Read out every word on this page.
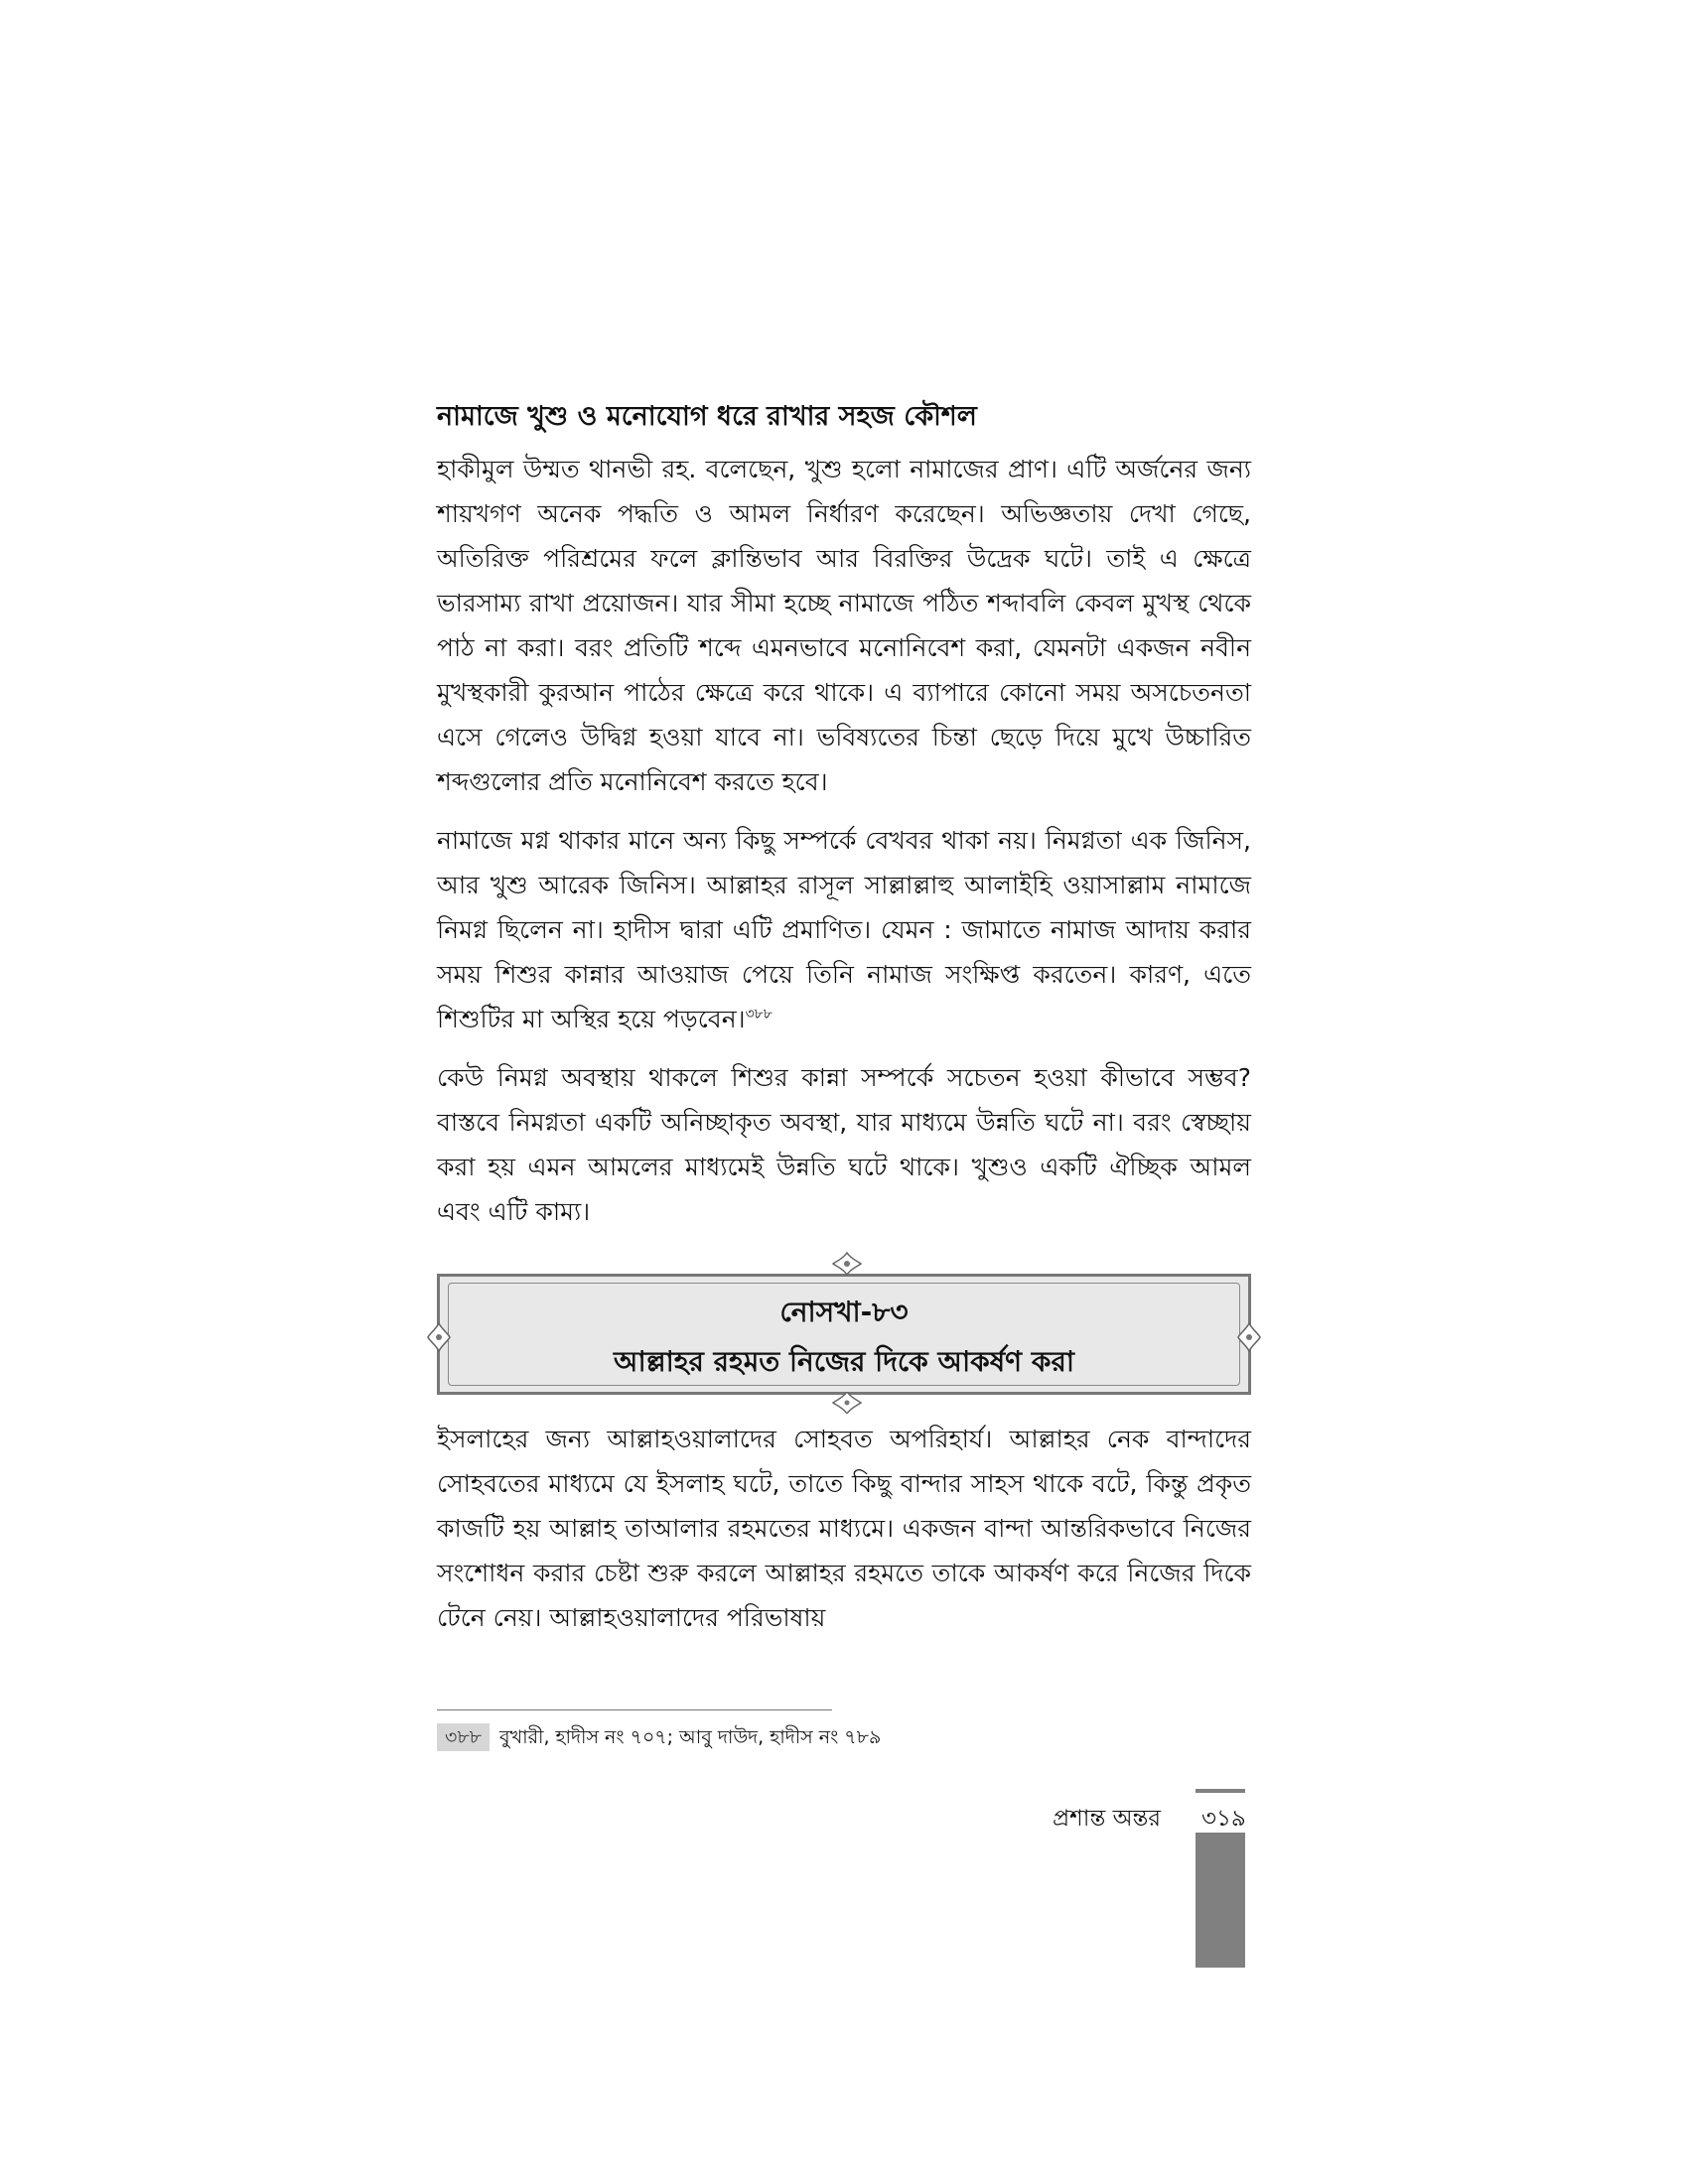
নামাজে খুশু ও মনোযোগ ধরে রাখার সহজ কৌশল

হাকীমুল উম্মত থানভী রহ. বলেছেন, খুশু হলো নামাজের প্রাণ। এটি অর্জনের জন্য শায়খগণ অনেক পদ্ধতি ও আমল নির্ধারণ করেছেন। অভিজ্ঞতায় দেখা গেছে, অতিরিক্ত পরিশ্রমের ফলে ক্লান্তিভাব আর বিরক্তির উদ্রেক ঘটে। তাই এ ক্ষেত্রে ভারসাম্য রাখা প্রয়োজন। যার সীমা হচ্ছে নামাজে পঠিত শব্দাবলি কেবল মুখস্থ থেকে পাঠ না করা। বরং প্রতিটি শব্দে এমনভাবে মনোনিবেশ করা, যেমনটা একজন নবীন মুখস্থকারী কুরআন পাঠের ক্ষেত্রে করে থাকে। এ ব্যাপারে কোনো সময় অসচেতনতা এসে গেলেও উদ্বিগ্ন হওয়া যাবে না। ভবিষ্যতের চিন্তা ছেড়ে দিয়ে মুখে উচ্চারিত শব্দগুলোর প্রতি মনোনিবেশ করতে হবে।

নামাজে মগ্ন থাকার মানে অন্য কিছু সম্পর্কে বেখবর থাকা নয়। নিমগ্নতা এক জিনিস, আর খুশু আরেক জিনিস। আল্লাহর রাসূল সাল্লাল্লাহু আলাইহি ওয়াসাল্লাম নামাজে নিমগ্ন ছিলেন না। হাদীস দ্বারা এটি প্রমাণিত। যেমন : জামাতে নামাজ আদায় করার সময় শিশুর কান্নার আওয়াজ পেয়ে তিনি নামাজ সংক্ষিপ্ত করতেন। কারণ, এতে শিশুটির মা অস্থির হয়ে পড়বেন।$^{৩৮৮}$

কেউ নিমগ্ন অবস্থায় থাকলে শিশুর কান্না সম্পর্কে সচেতন হওয়া কীভাবে সম্ভব? বাস্তবে নিমগ্নতা একটি অনিচ্ছাকৃত অবস্থা, যার মাধ্যমে উন্নতি ঘটে না। বরং স্বেচ্ছায় করা হয় এমন আমলের মাধ্যমেই উন্নতি ঘটে থাকে। খুশুও একটি ঐচ্ছিক আমল এবং এটি কাম্য।

নোসখা-৮৩
আল্লাহর রহমত নিজের দিকে আকর্ষণ করা

ইসলাহের জন্য আল্লাহওয়ালাদের সোহবত অপরিহার্য। আল্লাহর নেক বান্দাদের সোহবতের মাধ্যমে যে ইসলাহ ঘটে, তাতে কিছু বান্দার সাহস থাকে বটে, কিন্তু প্রকৃত কাজটি হয় আল্লাহ তাআলার রহমতের মাধ্যমে। একজন বান্দা আন্তরিকভাবে নিজের সংশোধন করার চেষ্টা শুরু করলে আল্লাহর রহমতে তাকে আকর্ষণ করে নিজের দিকে টেনে নেয়। আল্লাহওয়ালাদের পরিভাষায়

৩৮৮ বুখারী, হাদীস নং ৭০৭; আবু দাউদ, হাদীস নং ৭৮৯
প্রশান্ত অন্তর ৩১৯
